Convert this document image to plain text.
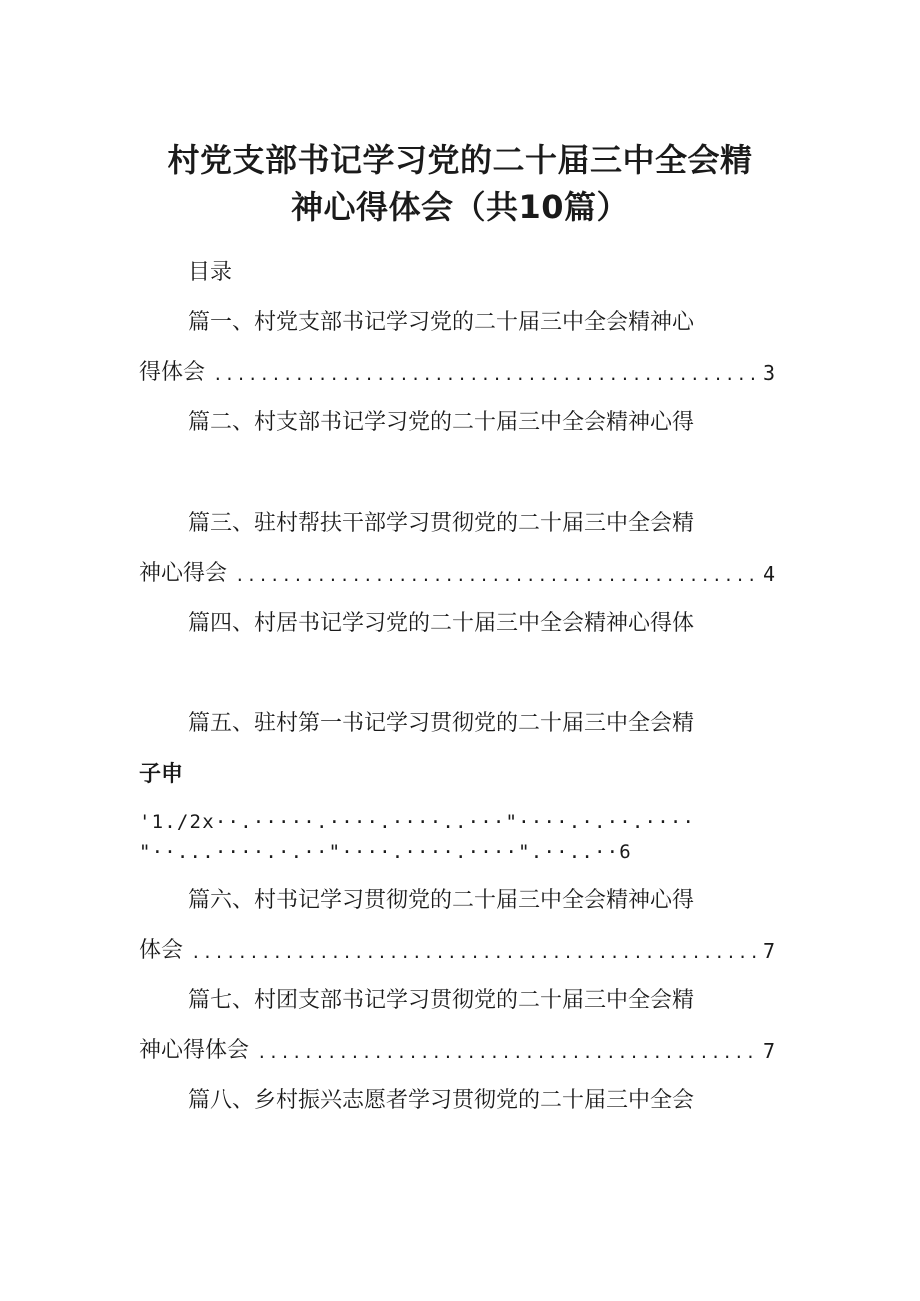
村党支部书记学习党的二十届三中全会精
神心得体会（共10篇）
目录
篇一、村党支部书记学习党的二十届三中全会精神心
得体会 .....	3
篇二、村支部书记学习党的二十届三中全会精神心得
篇三、驻村帮扶干部学习贯彻党的二十届三中全会精
神心得会 .....	4
篇四、村居书记学习党的二十届三中全会精神心得体
篇五、驻村第一书记学习贯彻党的二十届三中全会精
子申
'1./2x··.·····.····.····..···"····.·.··.····
"··...····.·.··"····.····.····".··..··6
篇六、村书记学习贯彻党的二十届三中全会精神心得
体会 .....	7
篇七、村团支部书记学习贯彻党的二十届三中全会精
神心得体会 .....	7
篇八、乡村振兴志愿者学习贯彻党的二十届三中全会
